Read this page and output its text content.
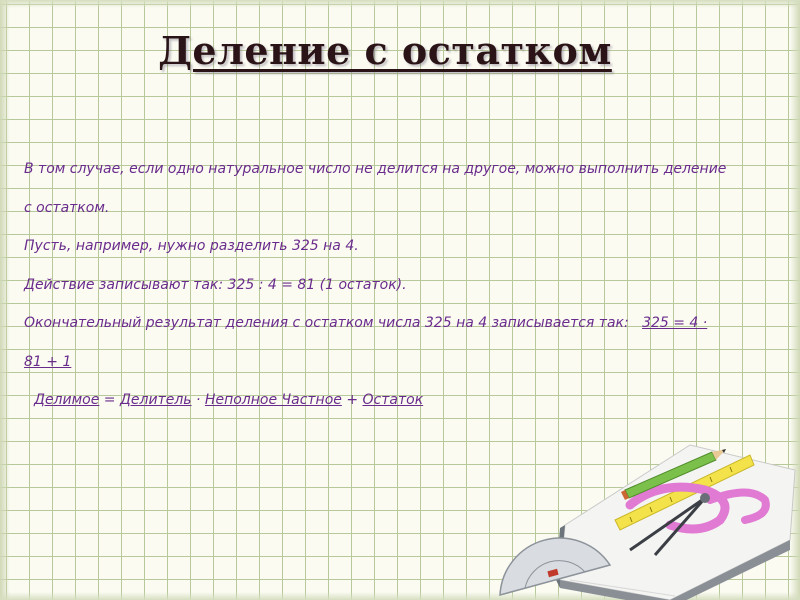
Деление с остатком
В том случае, если одно натуральное число не делится на другое, можно выполнить деление
с остатком.
Пусть, например, нужно разделить 325 на 4.
Действие записывают так: 325 : 4 = 81 (1 остаток).
Окончательный результат деления с остатком числа 325 на 4 записывается так: 325 = 4 ·
81 + 1
Делимое = Делитель · Неполное Частное + Остаток
